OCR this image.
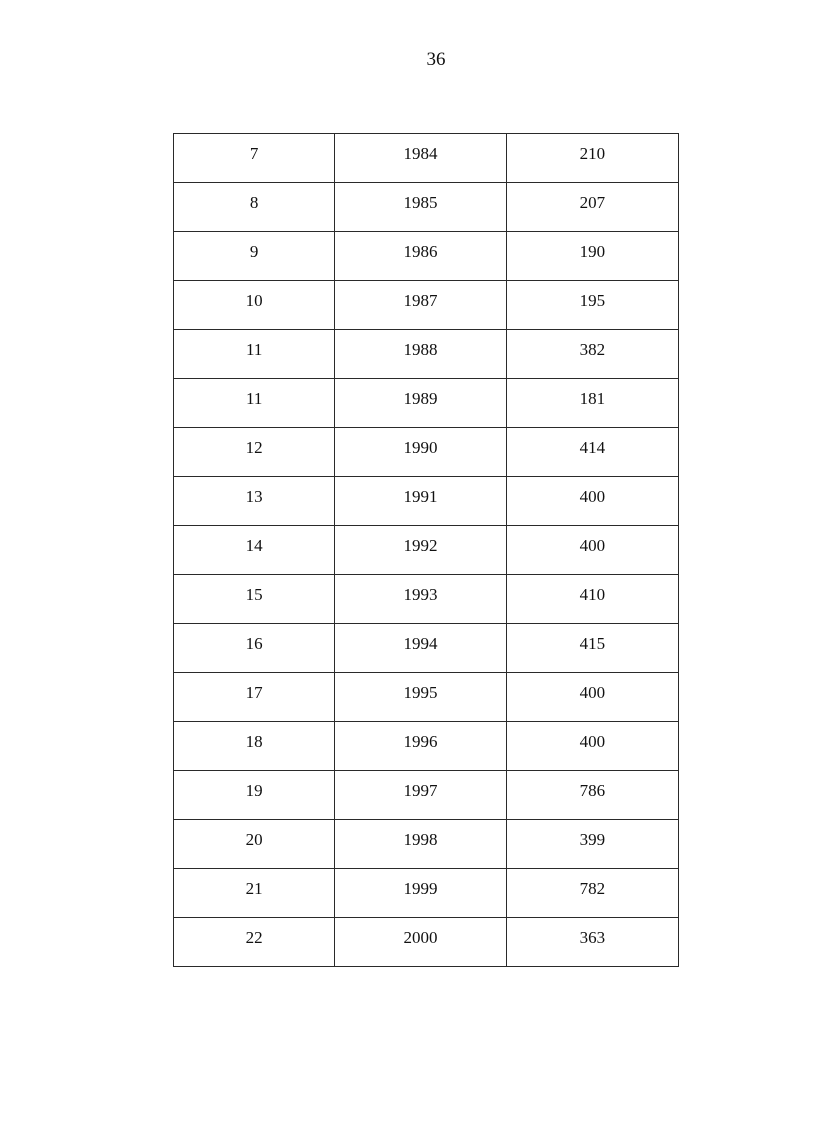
36
7	1984	210
8	1985	207
9	1986	190
10	1987	195
11	1988	382
11	1989	181
12	1990	414
13	1991	400
14	1992	400
15	1993	410
16	1994	415
17	1995	400
18	1996	400
19	1997	786
20	1998	399
21	1999	782
22	2000	363
